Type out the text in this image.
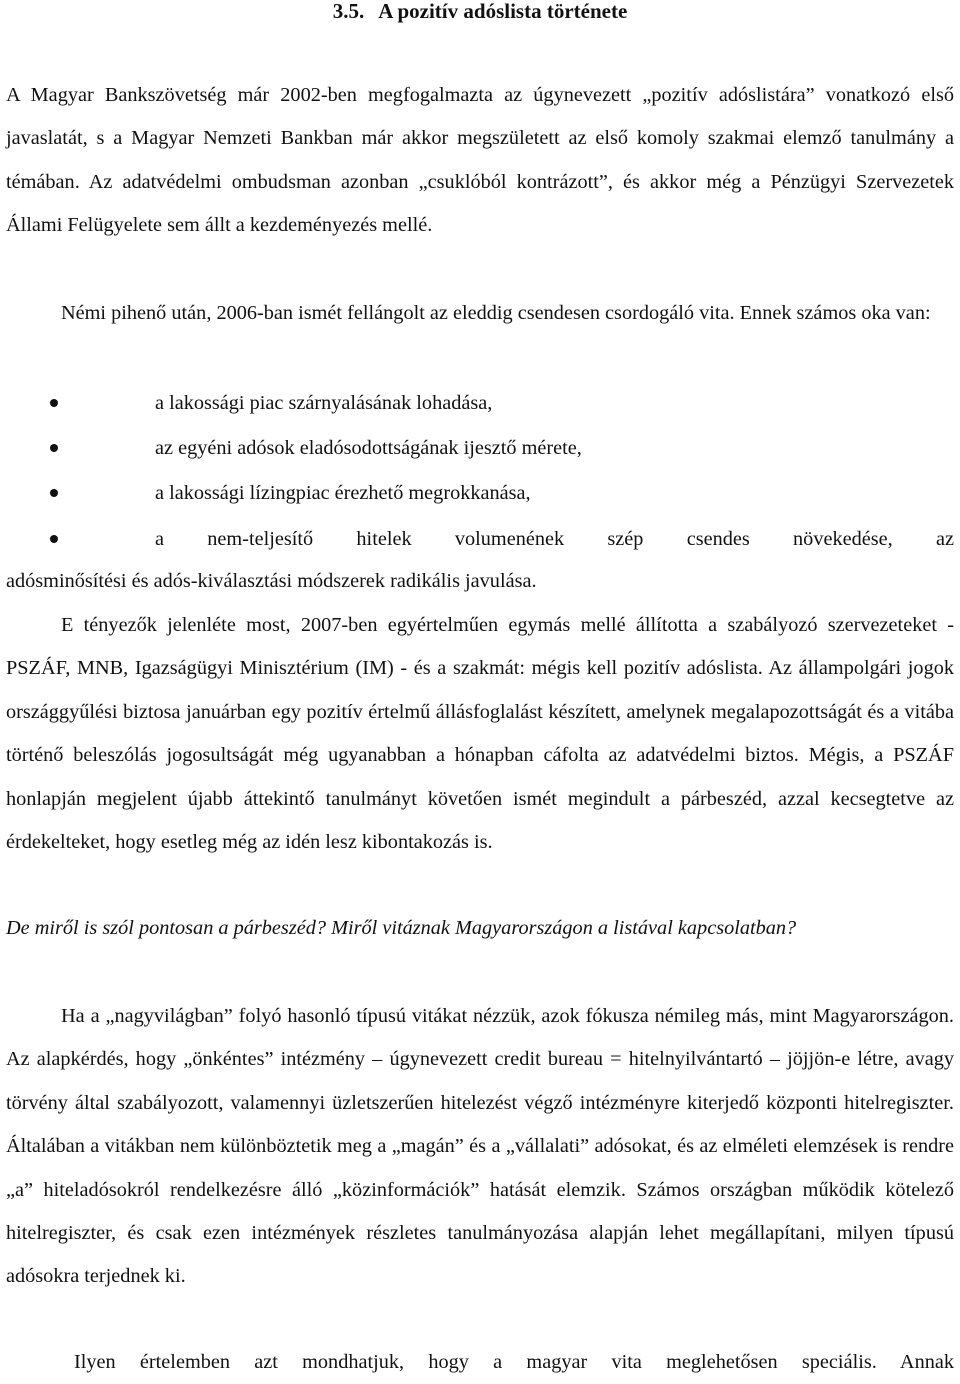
3.5. A pozitív adóslista története

A Magyar Bankszövetség már 2002-ben megfogalmazta az úgynevezett „pozitív adóslistára” vonatkozó első javaslatát, s a Magyar Nemzeti Bankban már akkor megszületett az első komoly szakmai elemző tanulmány a témában. Az adatvédelmi ombudsman azonban „csuklóból kontrázott”, és akkor még a Pénzügyi Szervezetek Állami Felügyelete sem állt a kezdeményezés mellé.

Némi pihenő után, 2006-ban ismét fellángolt az eleddig csendesen csordogáló vita. Ennek számos oka van:

a lakossági piac szárnyalásának lohadása,
az egyéni adósok eladósodottságának ijesztő mérete,
a lakossági lízingpiac érezhető megrokkanása,
a nem-teljesítő hitelek volumenének szép csendes növekedése, az
adósminősítési és adós-kiválasztási módszerek radikális javulása.

E tényezők jelenléte most, 2007-ben egyértelműen egymás mellé állította a szabályozó szervezeteket - PSZÁF, MNB, Igazságügyi Minisztérium (IM) - és a szakmát: mégis kell pozitív adóslista. Az állampolgári jogok országgyűlési biztosa januárban egy pozitív értelmű állásfoglalást készített, amelynek megalapozottságát és a vitába történő beleszólás jogosultságát még ugyanabban a hónapban cáfolta az adatvédelmi biztos. Mégis, a PSZÁF honlapján megjelent újabb áttekintő tanulmányt követően ismét megindult a párbeszéd, azzal kecsegtetve az érdekelteket, hogy esetleg még az idén lesz kibontakozás is.

De miről is szól pontosan a párbeszéd? Miről vitáznak Magyarországon a listával kapcsolatban?

Ha a „nagyvilágban” folyó hasonló típusú vitákat nézzük, azok fókusza némileg más, mint Magyarországon. Az alapkérdés, hogy „önkéntes” intézmény – úgynevezett credit bureau = hitelnyilvántartó – jöjjön-e létre, avagy törvény által szabályozott, valamennyi üzletszerűen hitelezést végző intézményre kiterjedő központi hitelregiszter. Általában a vitákban nem különböztetik meg a „magán” és a „vállalati” adósokat, és az elméleti elemzések is rendre „a” hiteladósokról rendelkezésre álló „közinformációk” hatását elemzik. Számos országban működik kötelező hitelregiszter, és csak ezen intézmények részletes tanulmányozása alapján lehet megállapítani, milyen típusú adósokra terjednek ki.

Ilyen értelemben azt mondhatjuk, hogy a magyar vita meglehetősen speciális. Annak
